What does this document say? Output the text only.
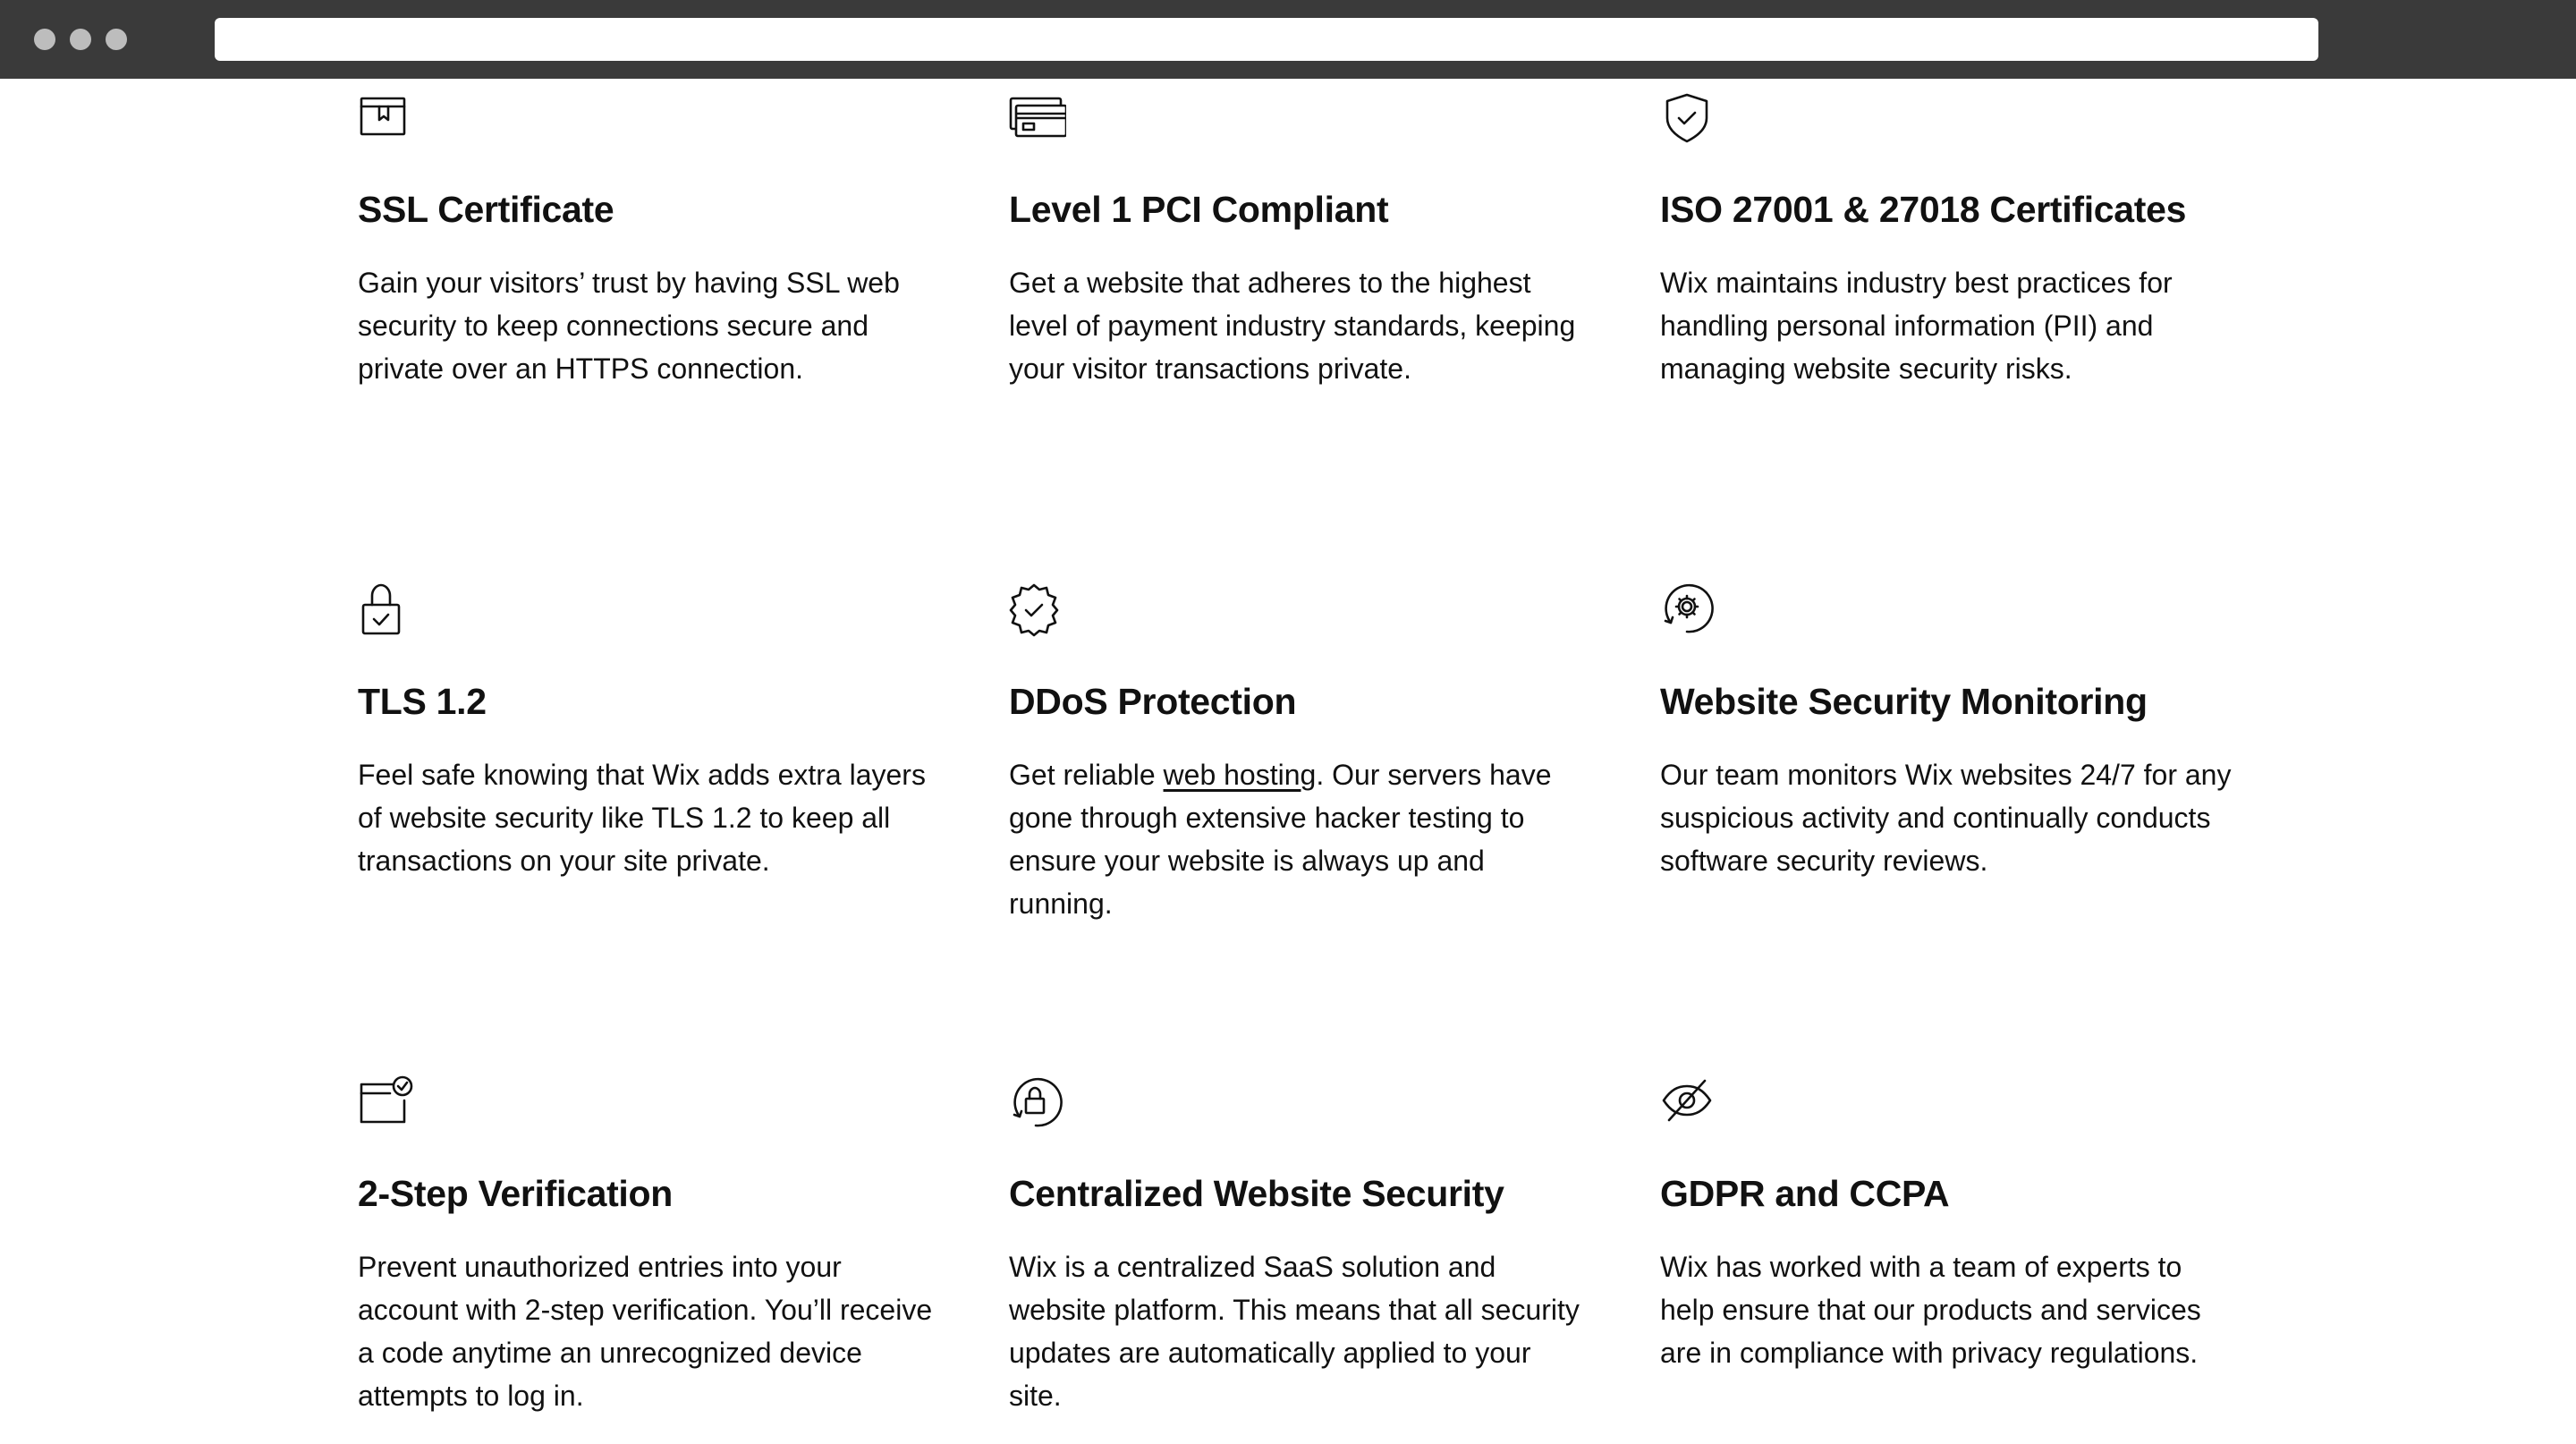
SSL Certificate

Gain your visitors’ trust by having SSL web security to keep connections secure and private over an HTTPS connection.

Level 1 PCI Compliant

Get a website that adheres to the highest level of payment industry standards, keeping your visitor transactions private.

ISO 27001 & 27018 Certificates

Wix maintains industry best practices for handling personal information (PII) and managing website security risks.

TLS 1.2

Feel safe knowing that Wix adds extra layers of website security like TLS 1.2 to keep all transactions on your site private.

DDoS Protection

Get reliable web hosting. Our servers have gone through extensive hacker testing to ensure your website is always up and running.

Website Security Monitoring

Our team monitors Wix websites 24/7 for any suspicious activity and continually conducts software security reviews.

2-Step Verification

Prevent unauthorized entries into your account with 2-step verification. You’ll receive a code anytime an unrecognized device attempts to log in.

Centralized Website Security

Wix is a centralized SaaS solution and website platform. This means that all security updates are automatically applied to your site.

GDPR and CCPA

Wix has worked with a team of experts to help ensure that our products and services are in compliance with privacy regulations.
